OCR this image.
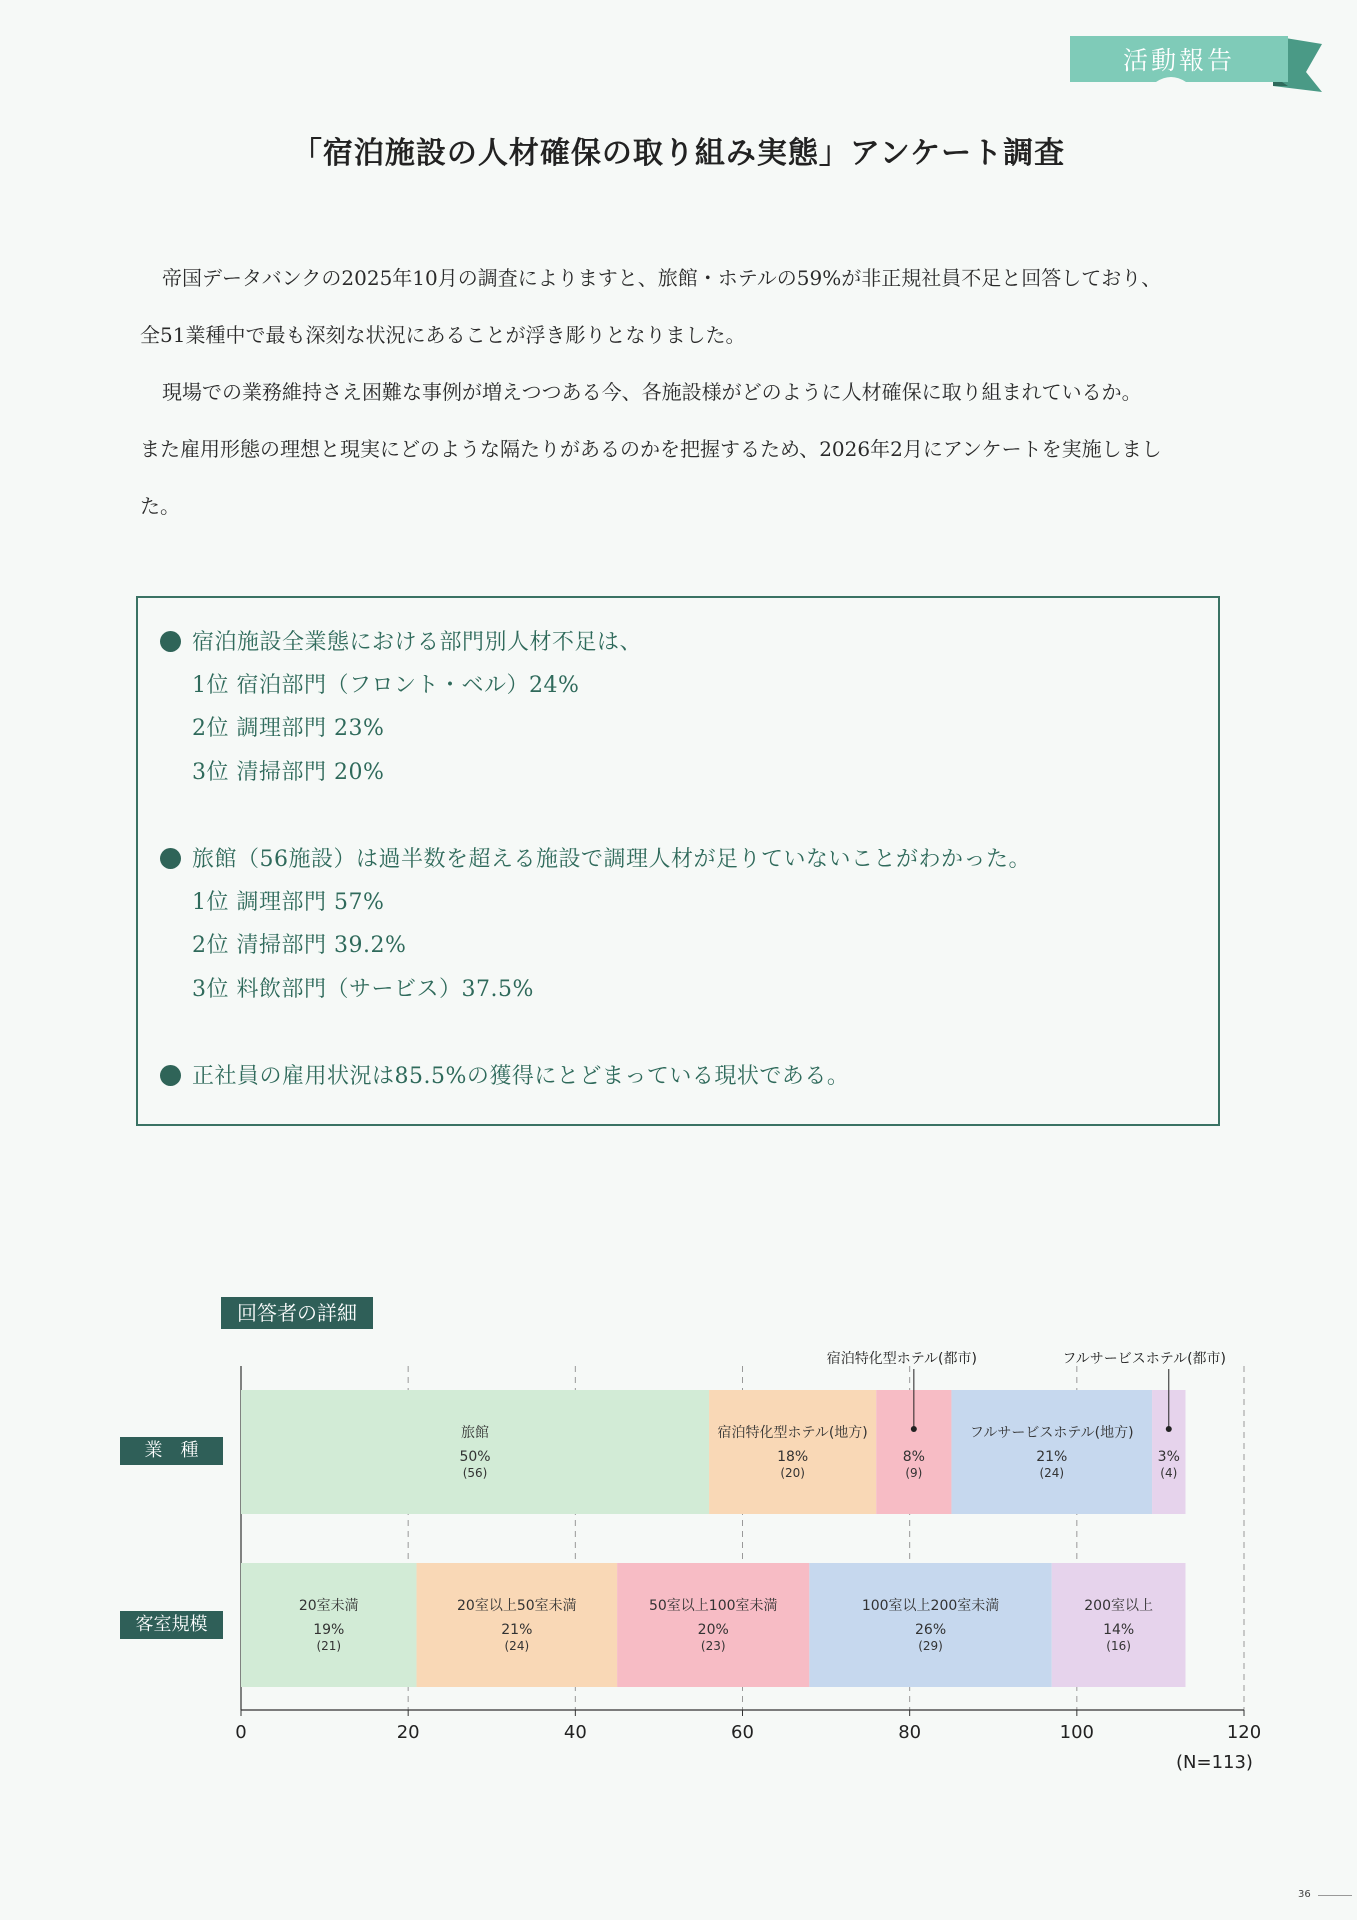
活動報告
「宿泊施設の人材確保の取り組み実態」アンケート調査

帝国データバンクの2025年10月の調査によりますと、旅館・ホテルの59%が非正規社員不足と回答しており、

全51業種中で最も深刻な状況にあることが浮き彫りとなりました。

現場での業務維持さえ困難な事例が増えつつある今、各施設様がどのように人材確保に取り組まれているか。

また雇用形態の理想と現実にどのような隔たりがあるのかを把握するため、2026年2月にアンケートを実施しまし

た。

宿泊施設全業態における部門別人材不足は、
1位 宿泊部門（フロント・ベル）24%
2位 調理部門 23%
3位 清掃部門 20%
旅館（56施設）は過半数を超える施設で調理人材が足りていないことがわかった。
1位 調理部門 57%
2位 清掃部門 39.2%
3位 料飲部門（サービス）37.5%
正社員の雇用状況は85.5%の獲得にとどまっている現状である。
回答者の詳細
0	20	40	60	80	100	120
旅館
50%
(56)
宿泊特化型ホテル(地方)
18%
(20)
8%
(9)
宿泊特化型ホテル(都市)
フルサービスホテル(地方)
21%
(24)
3%
(4)
フルサービスホテル(都市)
20室未満
19%
(21)
20室以上50室未満
21%
(24)
50室以上100室未満
20%
(23)
100室以上200室未満
26%
(29)
200室以上
14%
(16)
業　種
客室規模
(N=113)
36
